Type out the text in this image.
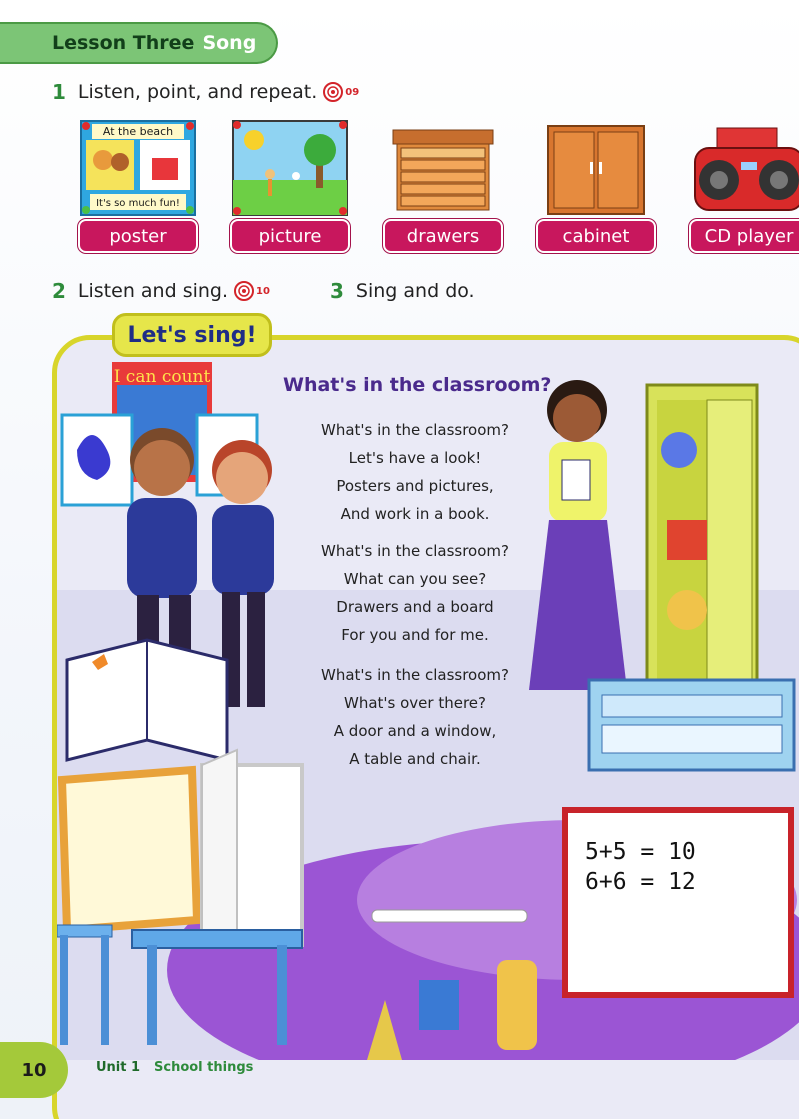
Lesson Three Song
1 Listen, point, and repeat.	09
At the beach
It's so much fun!
poster	picture	drawers	cabinet	CD player
2 Listen and sing.	10	3 Sing and do.
I can count
5+5 = 10
6+6 = 12
Let's sing!
What's in the classroom?
What's in the classroom?
Let's have a look!
Posters and pictures,
And work in a book.
What's in the classroom?
What can you see?
Drawers and a board
For you and for me.
What's in the classroom?
What's over there?
A door and a window,
A table and chair.
10	Unit 1 School things
